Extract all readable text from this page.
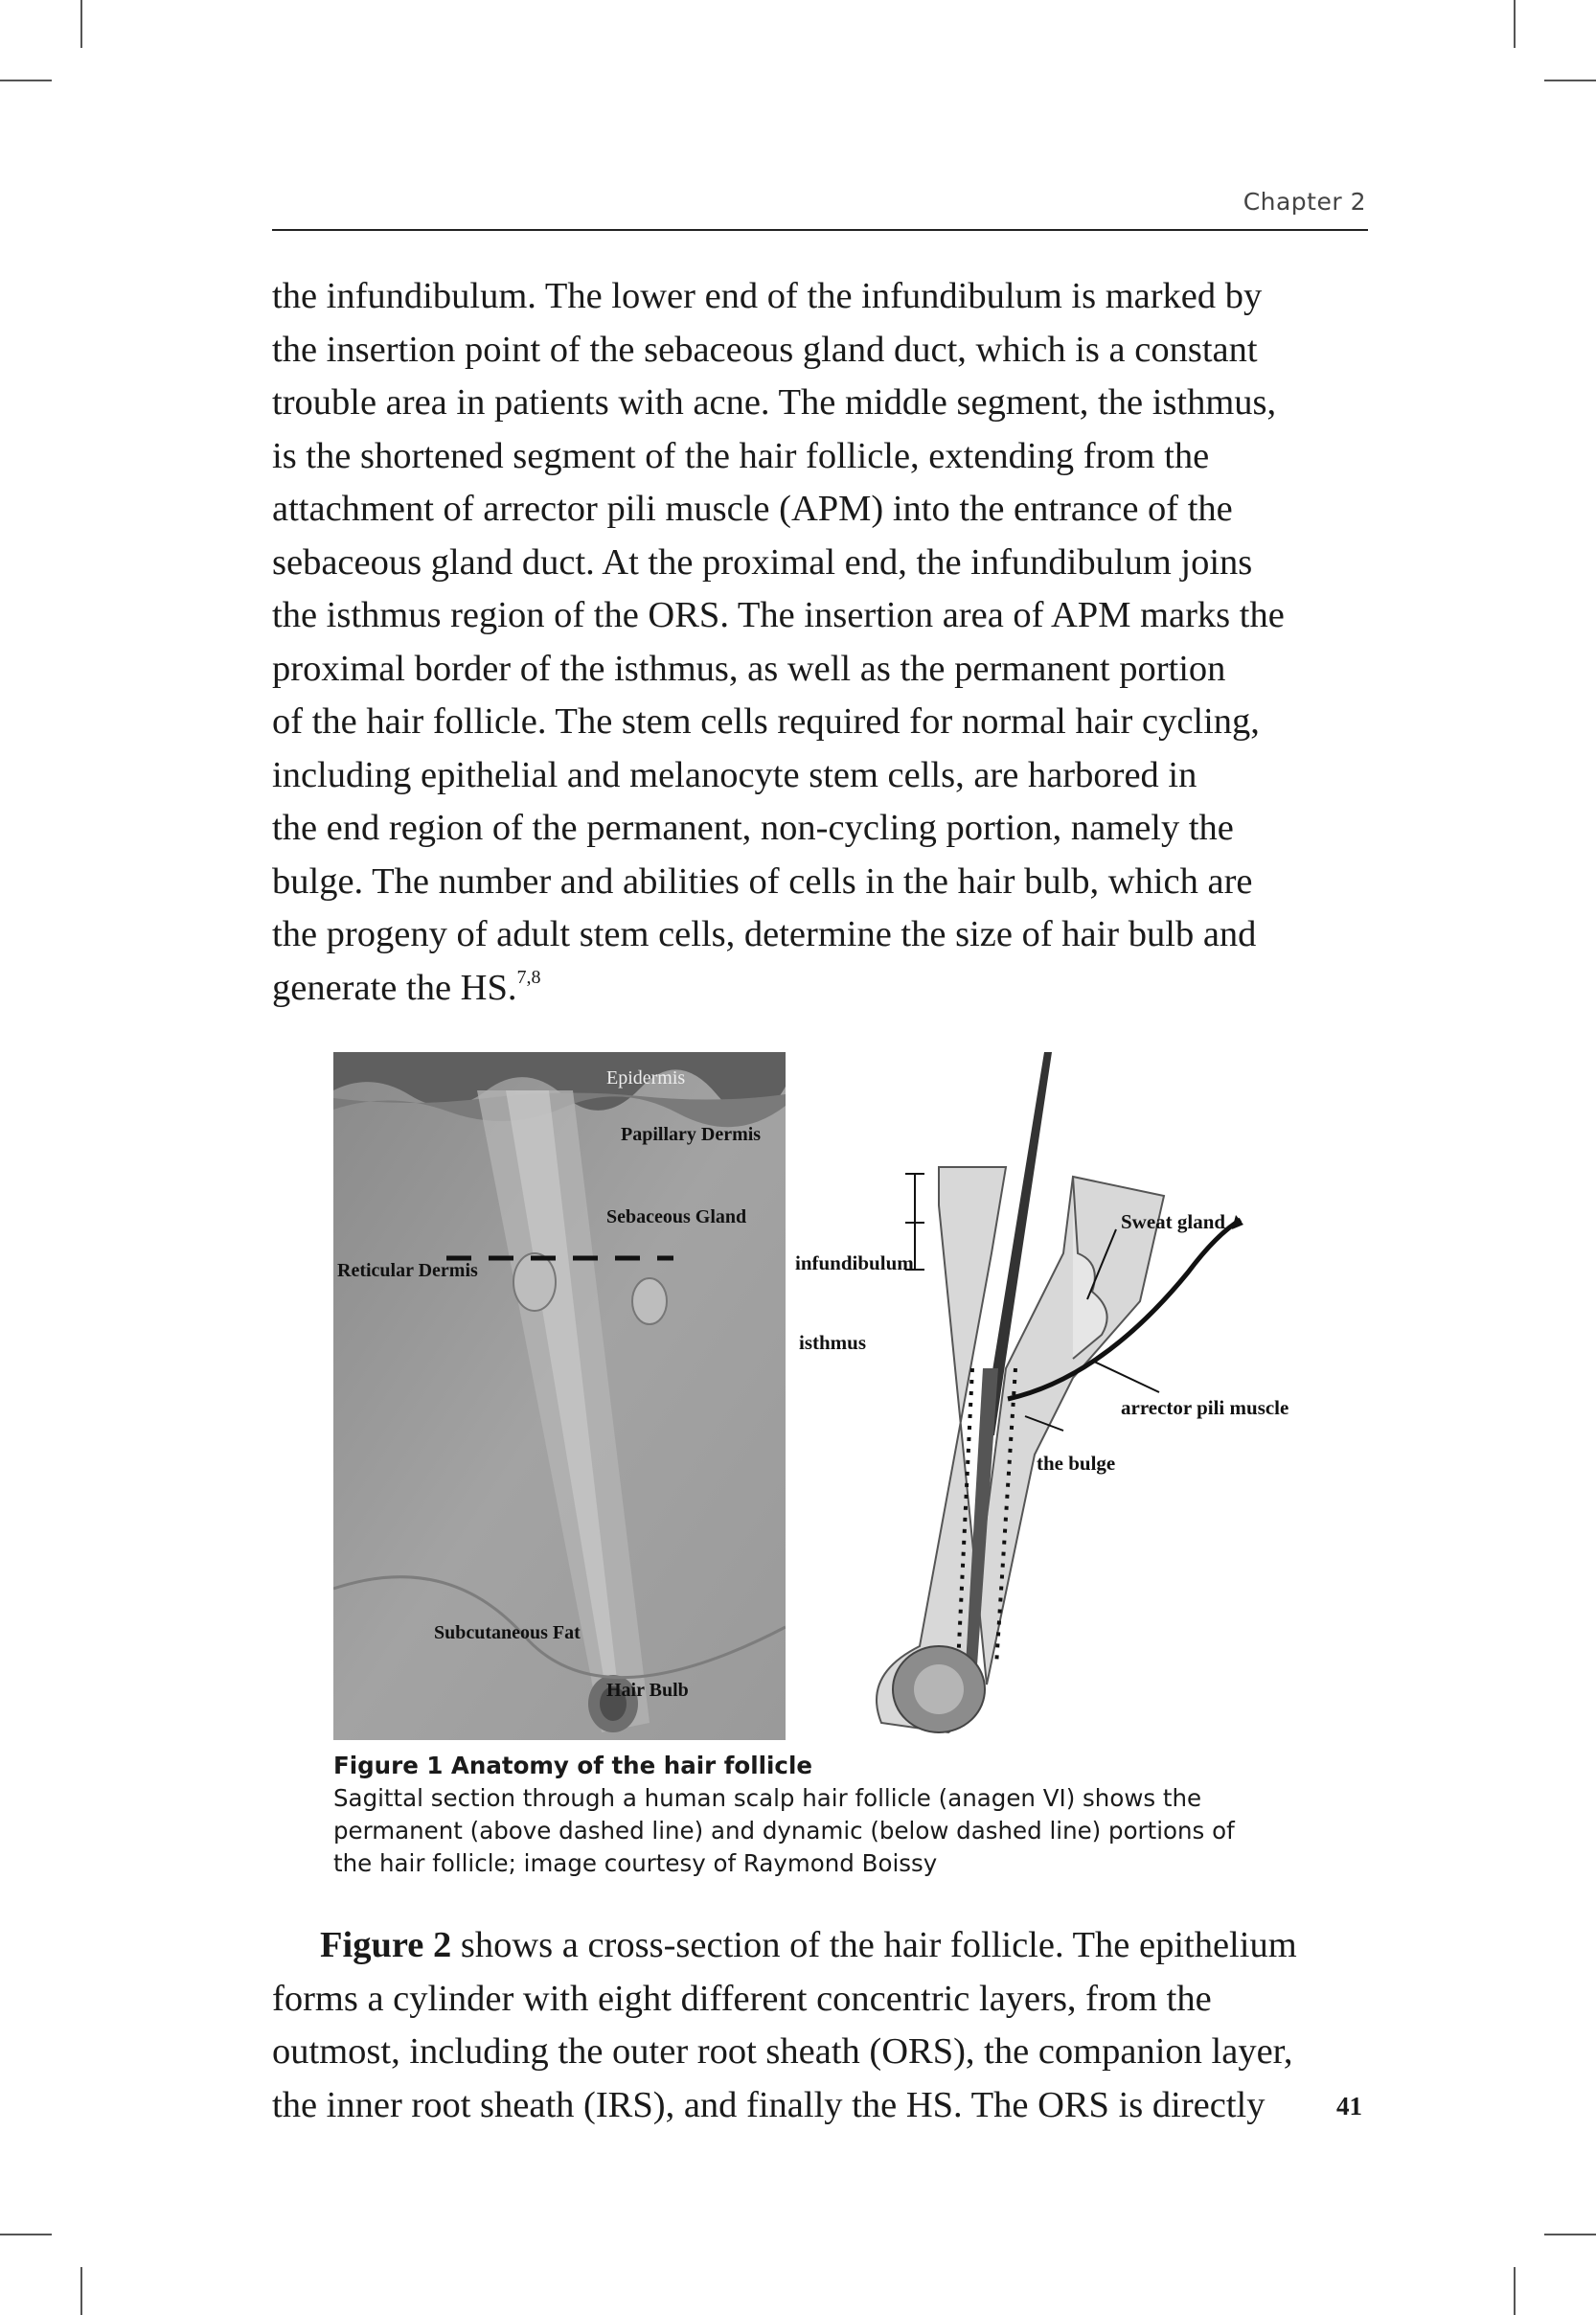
Chapter 2

the infundibulum. The lower end of the infundibulum is marked by
the insertion point of the sebaceous gland duct, which is a constant
trouble area in patients with acne. The middle segment, the isthmus,
is the shortened segment of the hair follicle, extending from the
attachment of arrector pili muscle (APM) into the entrance of the
sebaceous gland duct. At the proximal end, the infundibulum joins
the isthmus region of the ORS. The insertion area of APM marks the
proximal border of the isthmus, as well as the permanent portion
of the hair follicle. The stem cells required for normal hair cycling,
including epithelial and melanocyte stem cells, are harbored in
the end region of the permanent, non-cycling portion, namely the
bulge. The number and abilities of cells in the hair bulb, which are
the progeny of adult stem cells, determine the size of hair bulb and
generate the HS.$^{7,8}$

Epidermis
Papillary Dermis
Sebaceous Gland
Reticular Dermis
Subcutaneous Fat
Hair Bulb
infundibulum
isthmus
Sweat gland
arrector pili muscle
the bulge
Figure 1 Anatomy of the hair follicle
Sagittal section through a human scalp hair follicle (anagen VI) shows the
permanent (above dashed line) and dynamic (below dashed line) portions of
the hair follicle; image courtesy of Raymond Boissy

Figure 2 shows a cross-section of the hair follicle. The epithelium
forms a cylinder with eight different concentric layers, from the
outmost, including the outer root sheath (ORS), the companion layer,
the inner root sheath (IRS), and finally the HS. The ORS is directly	41
